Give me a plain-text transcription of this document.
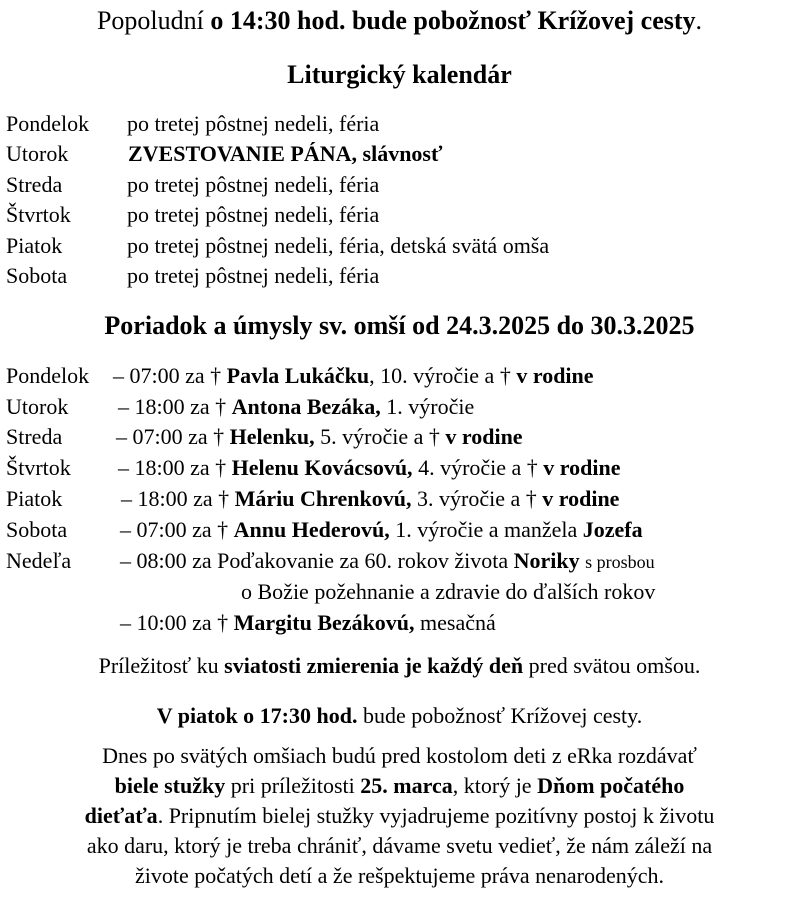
Popoludní o 14:30 hod. bude pobožnosť Krížovej cesty.
Liturgický kalendár
Pondelok po tretej pôstnej nedeli, féria
Utorok	ZVESTOVANIE PÁNA, slávnosť
Streda	po tretej pôstnej nedeli, féria
Štvrtok	po tretej pôstnej nedeli, féria
Piatok	po tretej pôstnej nedeli, féria, detská svätá omša
Sobota	po tretej pôstnej nedeli, féria
Poriadok a úmysly sv. omší od 24.3.2025 do 30.3.2025
Pondelok – 07:00 za † Pavla Lukáčku, 10. výročie a † v rodine
Utorok – 18:00 za † Antona Bezáka, 1. výročie
Streda – 07:00 za † Helenku, 5. výročie a † v rodine
Štvrtok – 18:00 za † Helenu Kovácsovú, 4. výročie a † v rodine
Piatok	– 18:00 za † Máriu Chrenkovú, 3. výročie a † v rodine
Sobota – 07:00 za † Annu Hederovú, 1. výročie a manžela Jozefa
Nedeľa – 08:00 za Poďakovanie za 60. rokov života Noriky s prosbou
o Božie požehnanie a zdravie do ďalších rokov
– 10:00 za † Margitu Bezákovú, mesačná
Príležitosť ku sviatosti zmierenia je každý deň pred svätou omšou.
V piatok o 17:30 hod. bude pobožnosť Krížovej cesty.
Dnes po svätých omšiach budú pred kostolom deti z eRka rozdávať
biele stužky pri príležitosti 25. marca, ktorý je Dňom počatého
dieťaťa. Pripnutím bielej stužky vyjadrujeme pozitívny postoj k životu
ako daru, ktorý je treba chrániť, dávame svetu vedieť, že nám záleží na
živote počatých detí a že rešpektujeme práva nenarodených.
